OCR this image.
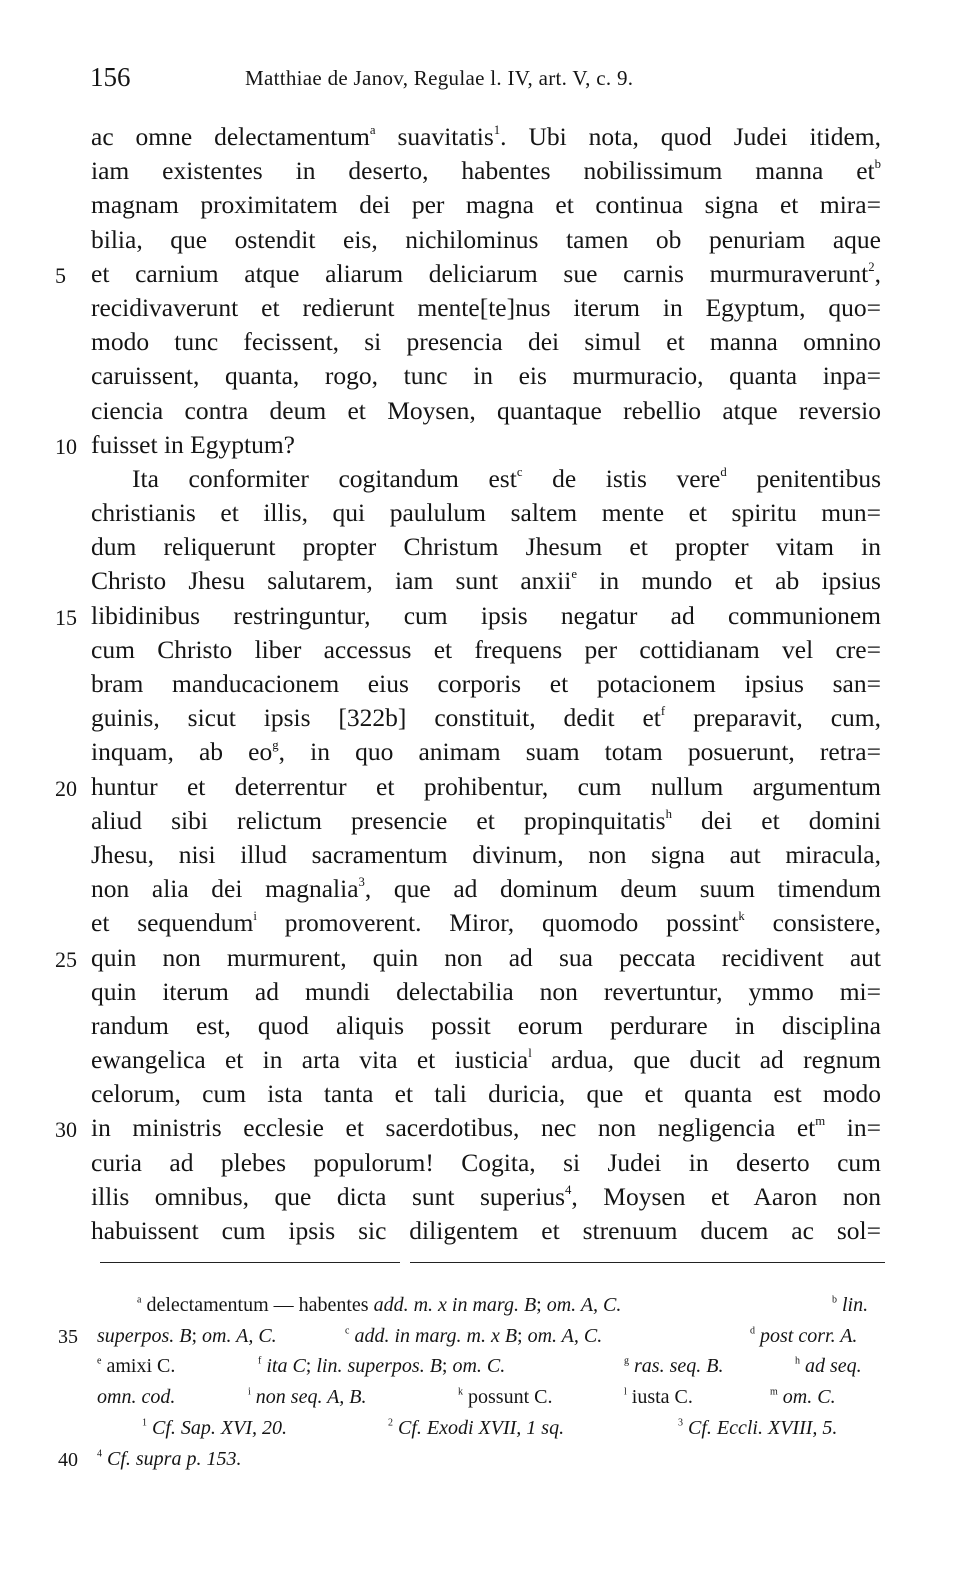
156	Matthiae de Janov, Regulae l. IV, art. V, c. 9.
ac omne delectamentum$^a$ suavitatis$^1$. Ubi nota, quod Judei itidem,
iam existentes in deserto, habentes nobilissimum manna $et^b$
magnam proximitatem dei per magna et continua signa et mira=
bilia, que ostendit eis, nichilominus tamen ob penuriam aque
5 et carnium atque aliarum deliciarum sue carnis murmuraverunt$^2$,
recidivaverunt et redierunt mente[te]nus iterum in Egyptum, quo=
modo tunc fecissent, si presencia dei simul et manna omnino
caruissent, quanta, rogo, tunc in eis murmuracio, quanta inpa=
ciencia contra deum et Moysen, quantaque rebellio atque reversio
10 fuisset in Egyptum?
Ita conformiter cogitandum est$^c$ de istis vere$^d$ penitentibus
christianis et illis, qui paululum saltem mente et spiritu mun=
dum reliquerunt propter Christum Jhesum et propter vitam in
Christo Jhesu salutarem, iam sunt anxii$^e$ in mundo et ab ipsius
15 libidinibus restringuntur, cum ipsis negatur ad communionem
cum Christo liber accessus et frequens per cottidianam vel cre=
bram manducacionem eius corporis et potacionem ipsius san=
guinis, sicut ipsis [322b] constituit, dedit $et^f$ preparavit, cum,
inquam, ab $eo^g$, in quo animam suam totam posuerunt, retra=
20 huntur et deterrentur et prohibentur, cum nullum argumentum
aliud sibi relictum presencie et propinquitatis$^h$ dei et domini
Jhesu, nisi illud sacramentum divinum, non signa aut miracula,
non alia dei magnalia$^3$, que ad dominum deum suum timendum
et sequendum$^i$ promoverent. Miror, quomodo possint$^k$ consistere,
25 quin non murmurent, quin non ad sua peccata recidivent aut
quin iterum ad mundi delectabilia non revertuntur, ymmo mi=
randum est, quod aliquis possit eorum perdurare in disciplina
ewangelica et in arta vita et iusticia$^l$ ardua, que ducit ad regnum
celorum, cum ista tanta et tali duricia, que et quanta est modo
30 in ministris ecclesie et sacerdotibus, nec non negligencia $et^m$ in=
curia ad plebes populorum! Cogita, si Judei in deserto cum
illis omnibus, que dicta sunt superius$^4$, Moysen et Aaron non
habuissent cum ipsis sic diligentem et strenuum ducem ac sol=
$^a$ delectamentum — habentes add. m. x in marg. B; om. A, C.	$^b$ lin.
35 superpos. B; om. A, C.	$^c$ add. in marg. m. x B; om. A, C.	$^d$ post corr. A.
$^e$ amixi C.	$^f$ ita C; lin. superpos. B; om. C.	$^g$ ras. seq. B.	$^h$ ad seq.
omn. cod.	$^i$ non seq. A, B.	$^k$ possunt C.	$^l$ iusta C.	$^m$ om. C.
$^1$ Cf. Sap. XVI, 20.	$^2$ Cf. Exodi XVII, 1 sq.	$^3$ Cf. Eccli. XVIII, 5.
40 $^4$ Cf. supra p. 153.
